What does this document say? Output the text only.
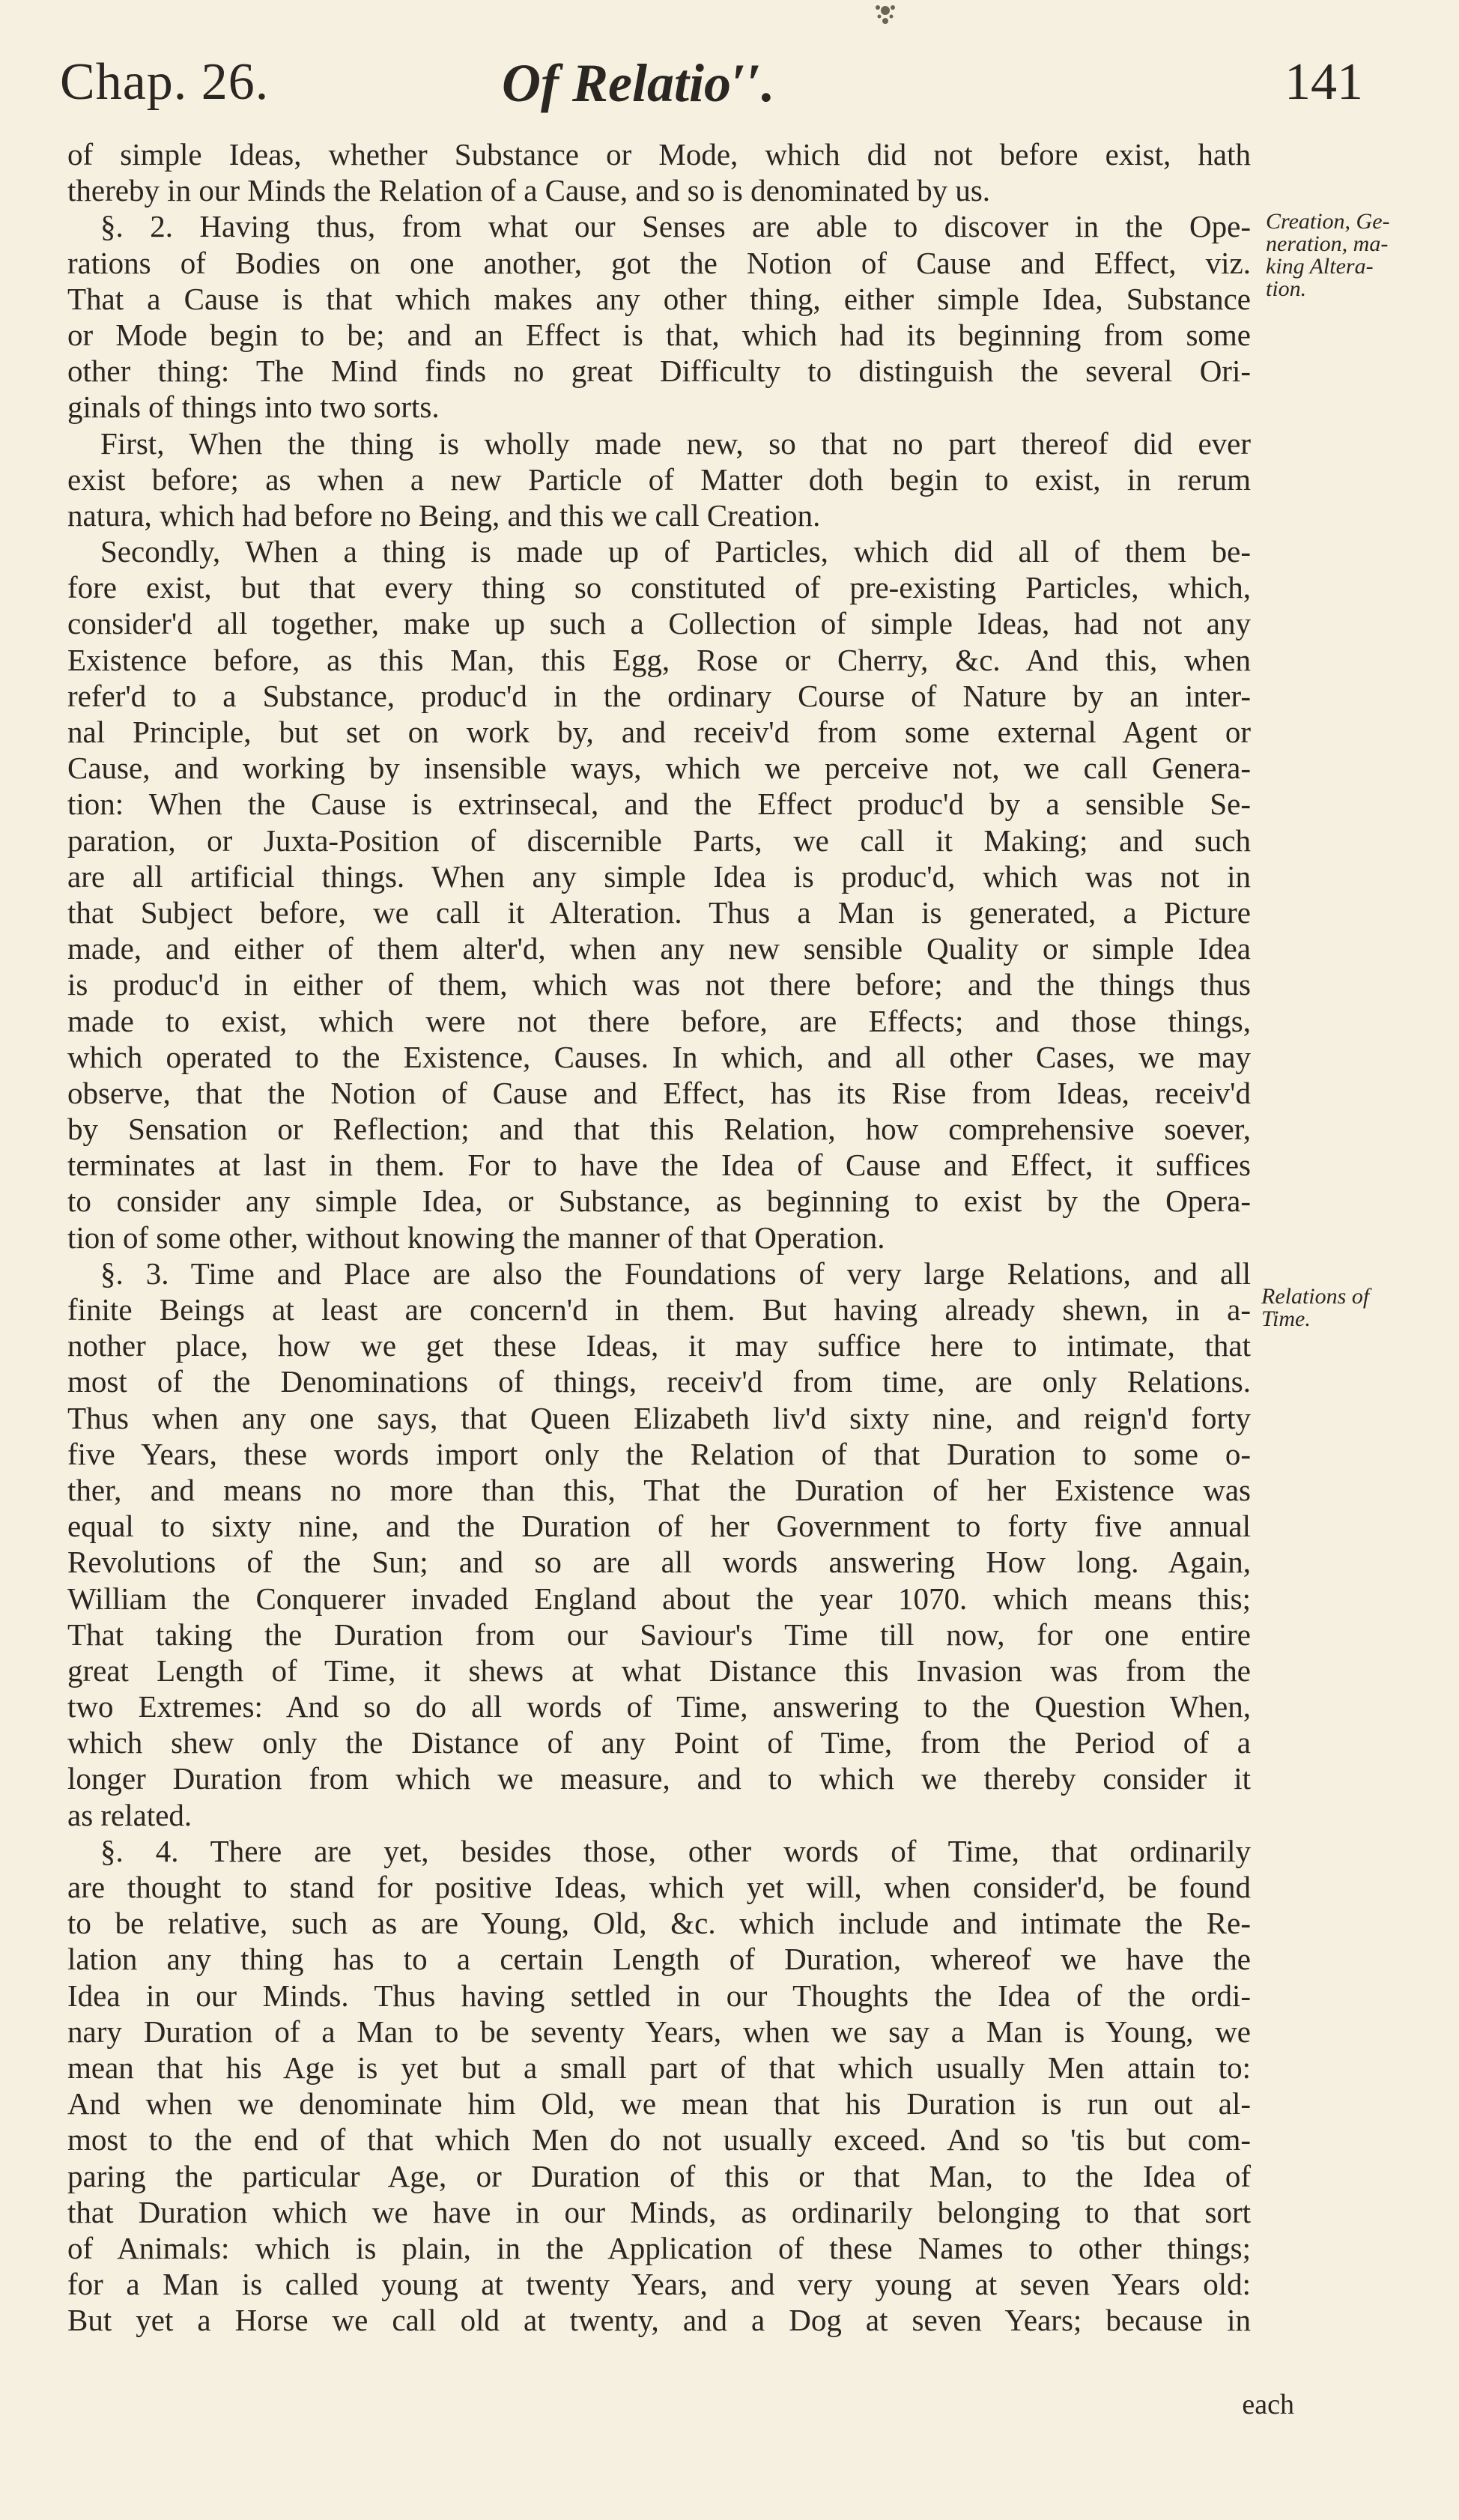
Chap. 26.	Of Relatio′′.	141
of simple Ideas, whether Substance or Mode, which did not before exist, hath
thereby in our Minds the Relation of a Cause, and so is denominated by us.
§. 2. Having thus, from what our Senses are able to discover in the Ope-
rations of Bodies on one another, got the Notion of Cause and Effect, viz.
That a Cause is that which makes any other thing, either simple Idea, Substance
or Mode begin to be; and an Effect is that, which had its beginning from some
other thing: The Mind finds no great Difficulty to distinguish the several Ori-
ginals of things into two sorts.
First, When the thing is wholly made new, so that no part thereof did ever
exist before; as when a new Particle of Matter doth begin to exist, in rerum
natura, which had before no Being, and this we call Creation.
Secondly, When a thing is made up of Particles, which did all of them be-
fore exist, but that every thing so constituted of pre-existing Particles, which,
consider'd all together, make up such a Collection of simple Ideas, had not any
Existence before, as this Man, this Egg, Rose or Cherry, &c. And this, when
refer'd to a Substance, produc'd in the ordinary Course of Nature by an inter-
nal Principle, but set on work by, and receiv'd from some external Agent or
Cause, and working by insensible ways, which we perceive not, we call Genera-
tion: When the Cause is extrinsecal, and the Effect produc'd by a sensible Se-
paration, or Juxta-Position of discernible Parts, we call it Making; and such
are all artificial things. When any simple Idea is produc'd, which was not in
that Subject before, we call it Alteration. Thus a Man is generated, a Picture
made, and either of them alter'd, when any new sensible Quality or simple Idea
is produc'd in either of them, which was not there before; and the things thus
made to exist, which were not there before, are Effects; and those things,
which operated to the Existence, Causes. In which, and all other Cases, we may
observe, that the Notion of Cause and Effect, has its Rise from Ideas, receiv'd
by Sensation or Reflection; and that this Relation, how comprehensive soever,
terminates at last in them. For to have the Idea of Cause and Effect, it suffices
to consider any simple Idea, or Substance, as beginning to exist by the Opera-
tion of some other, without knowing the manner of that Operation.
§. 3. Time and Place are also the Foundations of very large Relations, and all
finite Beings at least are concern'd in them. But having already shewn, in a-
nother place, how we get these Ideas, it may suffice here to intimate, that
most of the Denominations of things, receiv'd from time, are only Relations.
Thus when any one says, that Queen Elizabeth liv'd sixty nine, and reign'd forty
five Years, these words import only the Relation of that Duration to some o-
ther, and means no more than this, That the Duration of her Existence was
equal to sixty nine, and the Duration of her Government to forty five annual
Revolutions of the Sun; and so are all words answering How long. Again,
William the Conquerer invaded England about the year 1070. which means this;
That taking the Duration from our Saviour's Time till now, for one entire
great Length of Time, it shews at what Distance this Invasion was from the
two Extremes: And so do all words of Time, answering to the Question When,
which shew only the Distance of any Point of Time, from the Period of a
longer Duration from which we measure, and to which we thereby consider it
as related.
§. 4. There are yet, besides those, other words of Time, that ordinarily
are thought to stand for positive Ideas, which yet will, when consider'd, be found
to be relative, such as are Young, Old, &c. which include and intimate the Re-
lation any thing has to a certain Length of Duration, whereof we have the
Idea in our Minds. Thus having settled in our Thoughts the Idea of the ordi-
nary Duration of a Man to be seventy Years, when we say a Man is Young, we
mean that his Age is yet but a small part of that which usually Men attain to:
And when we denominate him Old, we mean that his Duration is run out al-
most to the end of that which Men do not usually exceed. And so 'tis but com-
paring the particular Age, or Duration of this or that Man, to the Idea of
that Duration which we have in our Minds, as ordinarily belonging to that sort
of Animals: which is plain, in the Application of these Names to other things;
for a Man is called young at twenty Years, and very young at seven Years old:
But yet a Horse we call old at twenty, and a Dog at seven Years; because in
Creation, Ge-
neration, ma-
king Altera-
tion.
Relations of
Time.
each
